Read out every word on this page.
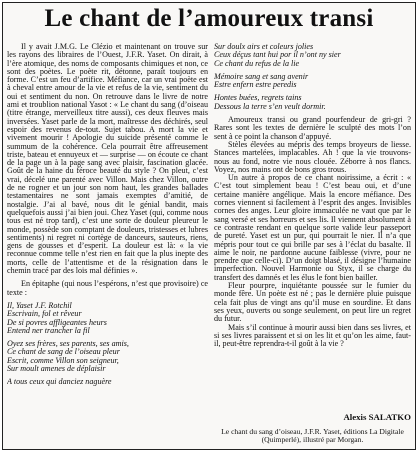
Le chant de l’amoureux transi

Il y avait J.M.G. Le Clézio et maintenant on trouve sur les rayons des libraires de l’Ouest, J.F.R. Yaset. On dirait, à l’ère atomique, des noms de composants chimiques et non, ce sont des poètes. Le poète rit, détonne, paraît toujours en forme. C’est un feu d’artifice. Méfiance, car un vrai poète est à cheval entre amour de la vie et refus de la vie, sentiment du oui et sentiment du non. On retrouve dans le livre de notre ami et troublion national Yasot : « Le chant du sang (d’oiseau (titre étrange, merveilleux titre aussi), ces deux fleuves mais inversées. Yaset parle de la mort, maîtresse des déchirés, seul espoir des revenus de-tout. Sujet tabou. A mort la vie et vivement mourir ! Apologie du suicide présenté comme le summum de la cohérence. Cela pourrait être affreusement triste, bateau et ennuyeux et — surprise — on écoute ce chant de la page un à la page sang avec plaisir, fascination glacée. Goût de la haine du féroce beauté du style ? On pleut, c’est vrai, décelé une parenté avec Villon. Mais chez Villon, outre de ne rogner et un jour son nom haut, les grandes ballades testamentaires ne sont jamais exemptes d’amitié, de nostalgie. J’ai al bavé, nous dit le génial bandit, mais quelquefois aussi j’ai bien joui. Chez Yaset (qui, comme nous tous est né trop tard), c’est une sorte de douleur pleureur le monde, possède son comptant de douleurs, tristesses et lubres sentiments) ni regret ni cortège de danceurs, sauteurs, riens, gens de gousses et d’esperit. La douleur est là: « la vie reconnue comme telle n’est rien en fait que la plus inepte des morts, celle de l’attentisme et de la résignation dans le chemin tracé par des lois mal définies ».

En épitaphe (qui nous l’espérons, n’est que provisoire) ce texte :

Il, Yaset J.F. Rotchil
Escrivain, fol et rêveur
De si povres affligeantes heurs
Entend ner trancher la fil
Oyez ses frères, ses parents, ses amis,
Ce chant de sang de l’oiseau pleur
Escrit, comme Villon son seigneur,
Sur moult amenes de déplaisir
A tous ceux qui danciez naguère
Sur doulx airs et coleurs jolies
Ceux déçus tant hui por il n’ont ny sier
Ce chant du refus de la lie
Mémoire sang et sang avenir
Estre enfern estre peredis
Hontes buées, regrets tains
Dessous la terre s’en veult dormir.

Amoureux transi ou grand pourfendeur de gri-gri ? Rares sont les textes de dernière le sculpté des mots l’on sent à ce point la chanson d’appuyé.

Stèles élevées au mépris des temps broyeurs de liesse. Stances martelées, implacables. Ah ! que la vie trouvons-nous au fond, notre vie nous clouée. Zéborre à nos flancs. Voyez, nos mains ont de bons gros trous.

Un autre à propos de ce chant noirissime, a écrit : « C’est tout simplement beau ! C’est beau oui, et d’une certaine manière angélique. Mais la encore méfiance. Des cornes viennent si facilement à l’esprit des anges. Invisibles cornes des anges. Leur gloire immaculée ne vaut que par le sang versé et ses horreurs et ses lis. Il viennent absolument à ce contraste rendant en quelque sorte valide leur passeport de pureté. Yaset est un pur, qui pourrait le nier. Il n’a que mépris pour tout ce qui brille par ses à l’éclat du basalte. Il aime le noir, ne pardonne aucune faiblesse (vivre, pour ne prendre que celle-ci). D’un doigt blasé, il désigne l’humaine imperfection. Nouvel Harmonie ou Styx, il se charge du transfert des damnés et les élus le font bien bailler.

Fleur pourpre, inquiétante poussée sur le fumier du monde fêre. Un poète est né ; pas le dernière pluie puisque cela fait plus de vingt ans qu’il muse en sourdine. Et dans ses yeux, ouverts ou songe seulement, on peut lire un regret du futur.

Mais s’il continue à mourir aussi bien dans ses livres, et si ses livres paraissent et si on les lit et qu’on les aime, faut-il, peut-être reprendra-t-il goût à la vie ?

Alexis SALATKO
Le chant du sang d’oiseau, J.F.R. Yaset, éditions La Digitale (Quimperlé), illustré par Morgan.
